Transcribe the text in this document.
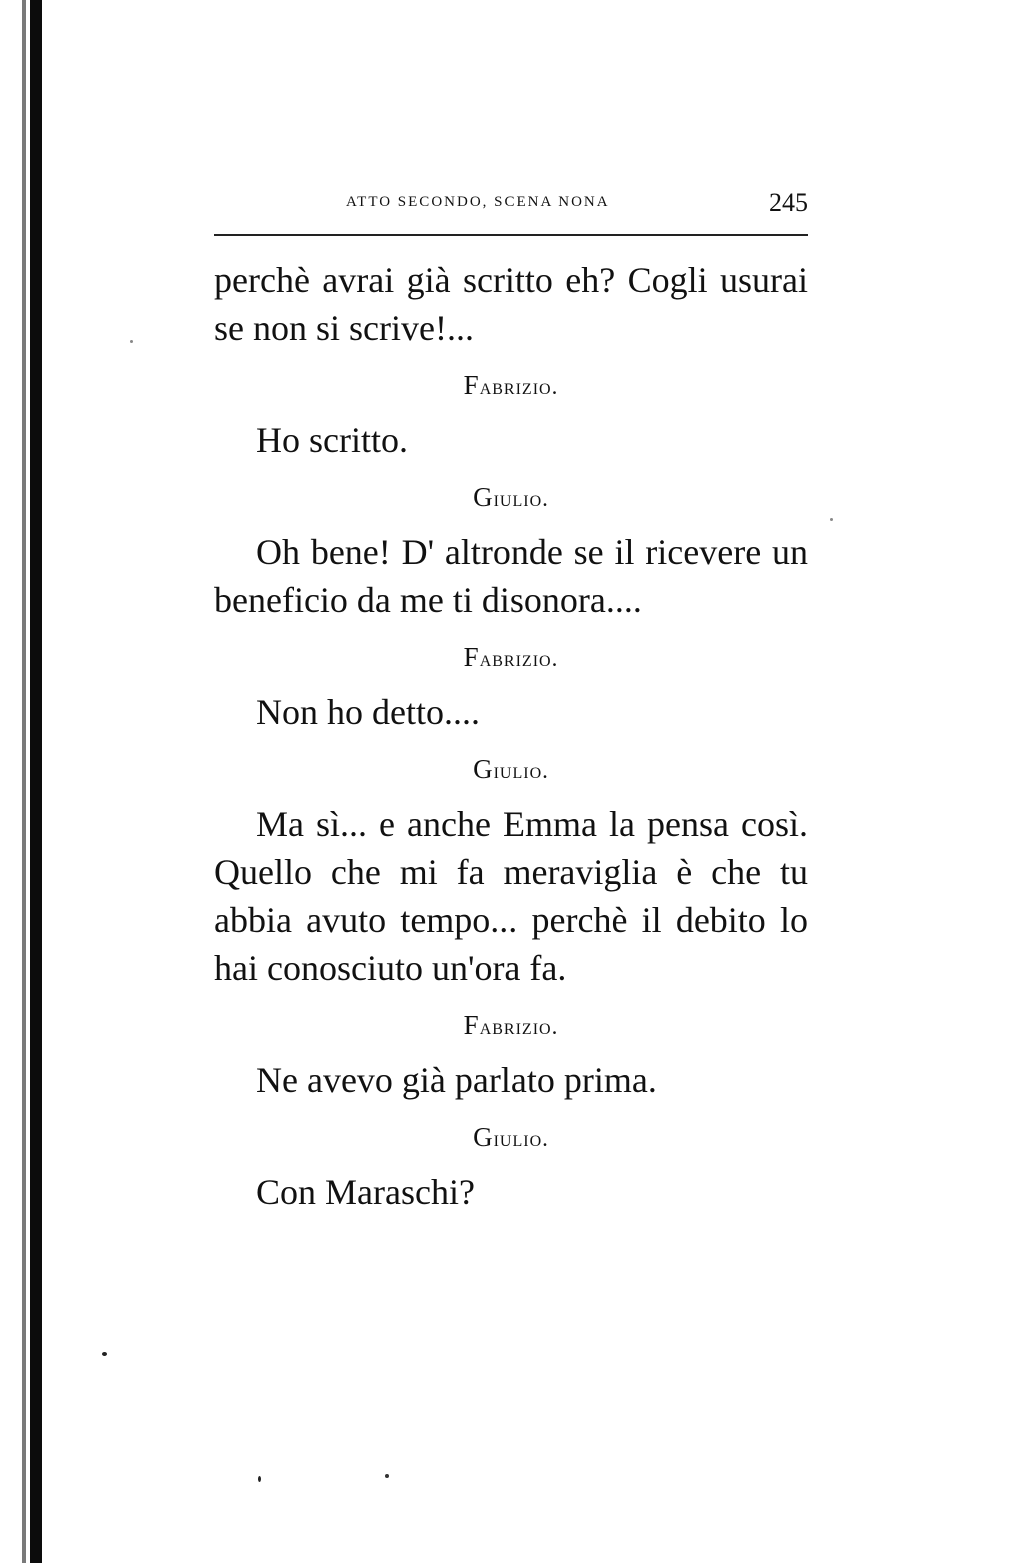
ATTO SECONDO, SCENA NONA	245

perchè avrai già scritto eh? Cogli usurai se non si scrive!...

Fabrizio.

Ho scritto.

Giulio.

Oh bene! D' altronde se il ricevere un beneficio da me ti disonora....

Fabrizio.

Non ho detto....

Giulio.

Ma sì... e anche Emma la pensa così. Quello che mi fa meraviglia è che tu abbia avuto tempo... perchè il debito lo hai conosciuto un'ora fa.

Fabrizio.

Ne avevo già parlato prima.

Giulio.

Con Maraschi?
